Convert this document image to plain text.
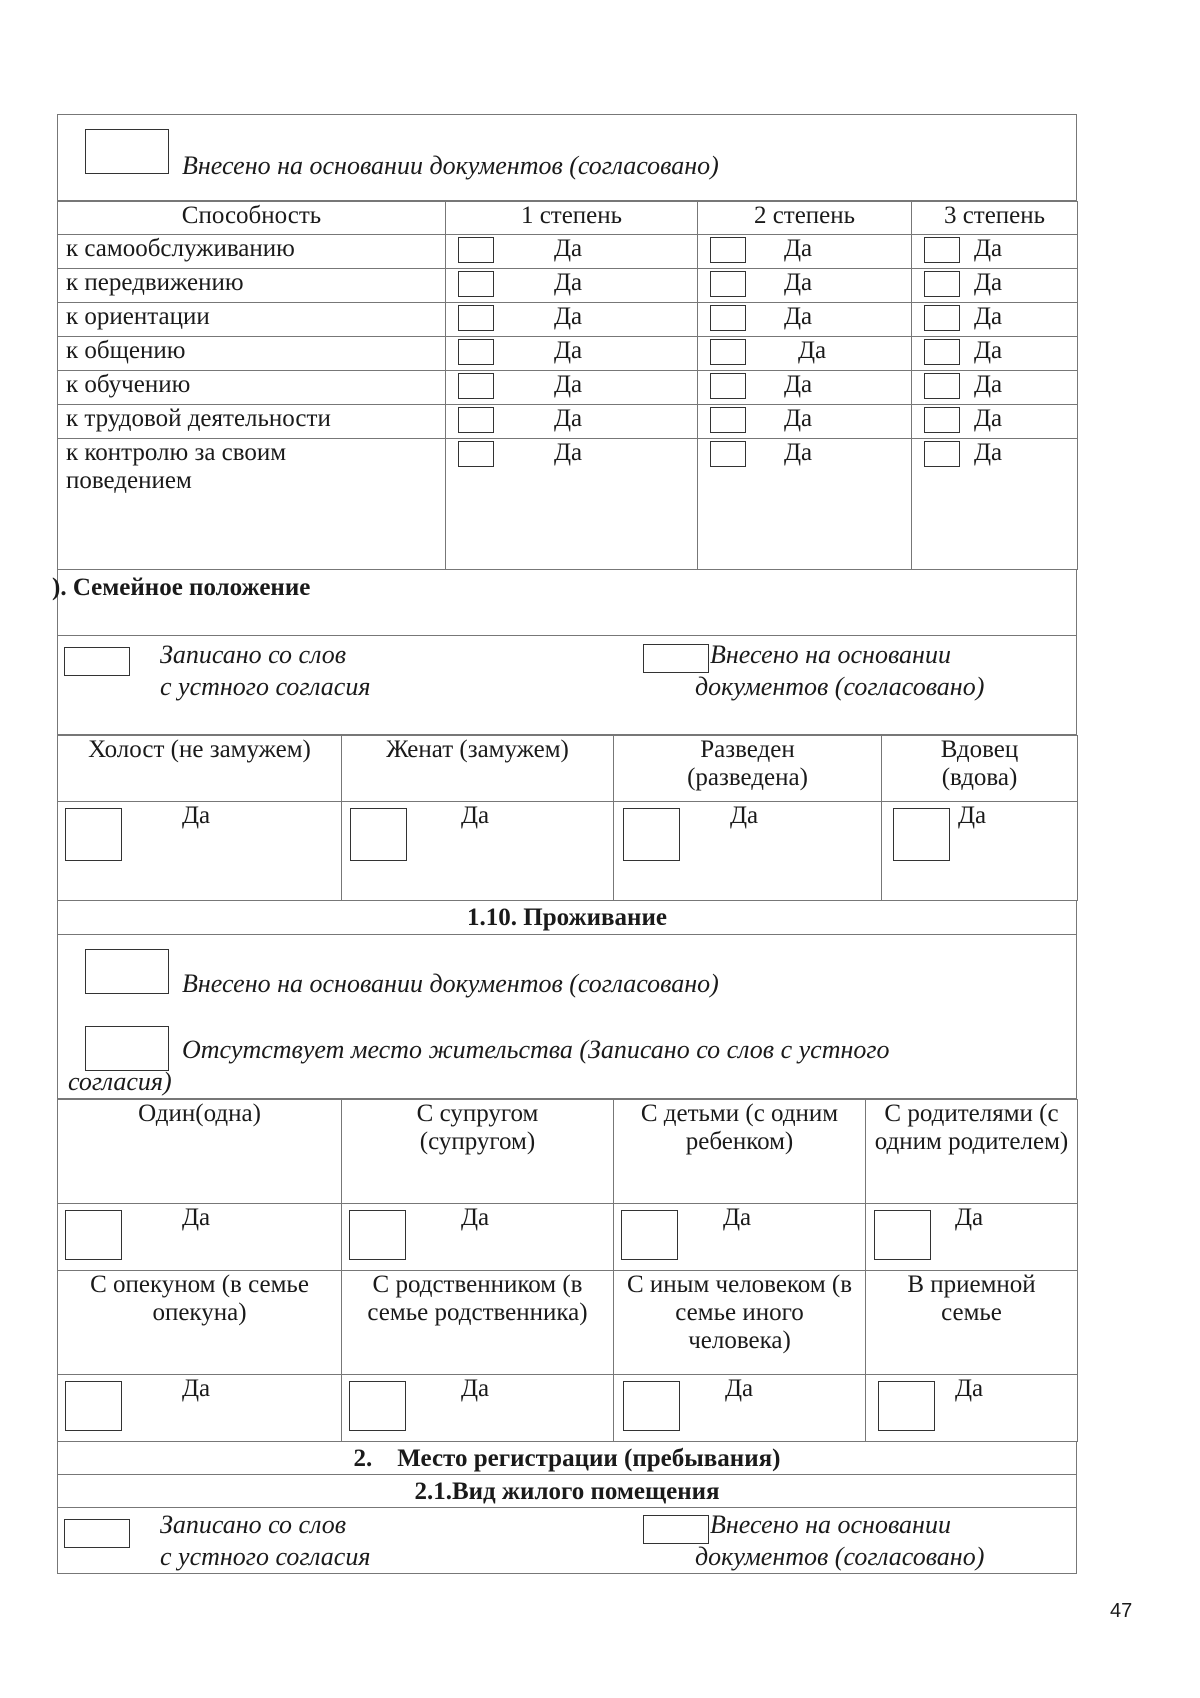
Внесено на основании документов (согласовано)
Способность	1 степень	2 степень	3 степень
к самообслуживанию	Да	Да	Да
к передвижению	Да	Да	Да
к ориентации	Да	Да	Да
к общению	Да	Да	Да
к обучению	Да	Да	Да
к трудовой деятельности	Да	Да	Да
к контролю за своим поведением	Да	Да	Да
). Семейное положение
Записано со слов
с устного согласия
Внесено на основании
документов (согласовано)
Холост (не замужем)	Женат (замужем)	Разведен (разведена)	Вдовец (вдова)
Да	Да	Да	Да
1.10. Проживание
Внесено на основании документов (согласовано)
Отсутствует место жительства (Записано со слов с устного
согласия)
Один(одна)	С супругом (супругом)	С детьми (с одним ребенком)	С родителями (с одним родителем)
Да	Да	Да	Да
С опекуном (в семье опекуна)	С родственником (в семье родственника)	С иным человеком (в семье иного человека)	В приемной семье
Да	Да	Да	Да
2.    Место регистрации (пребывания)
2.1.Вид жилого помещения
Записано со слов
с устного согласия
Внесено на основании
документов (согласовано)
47
